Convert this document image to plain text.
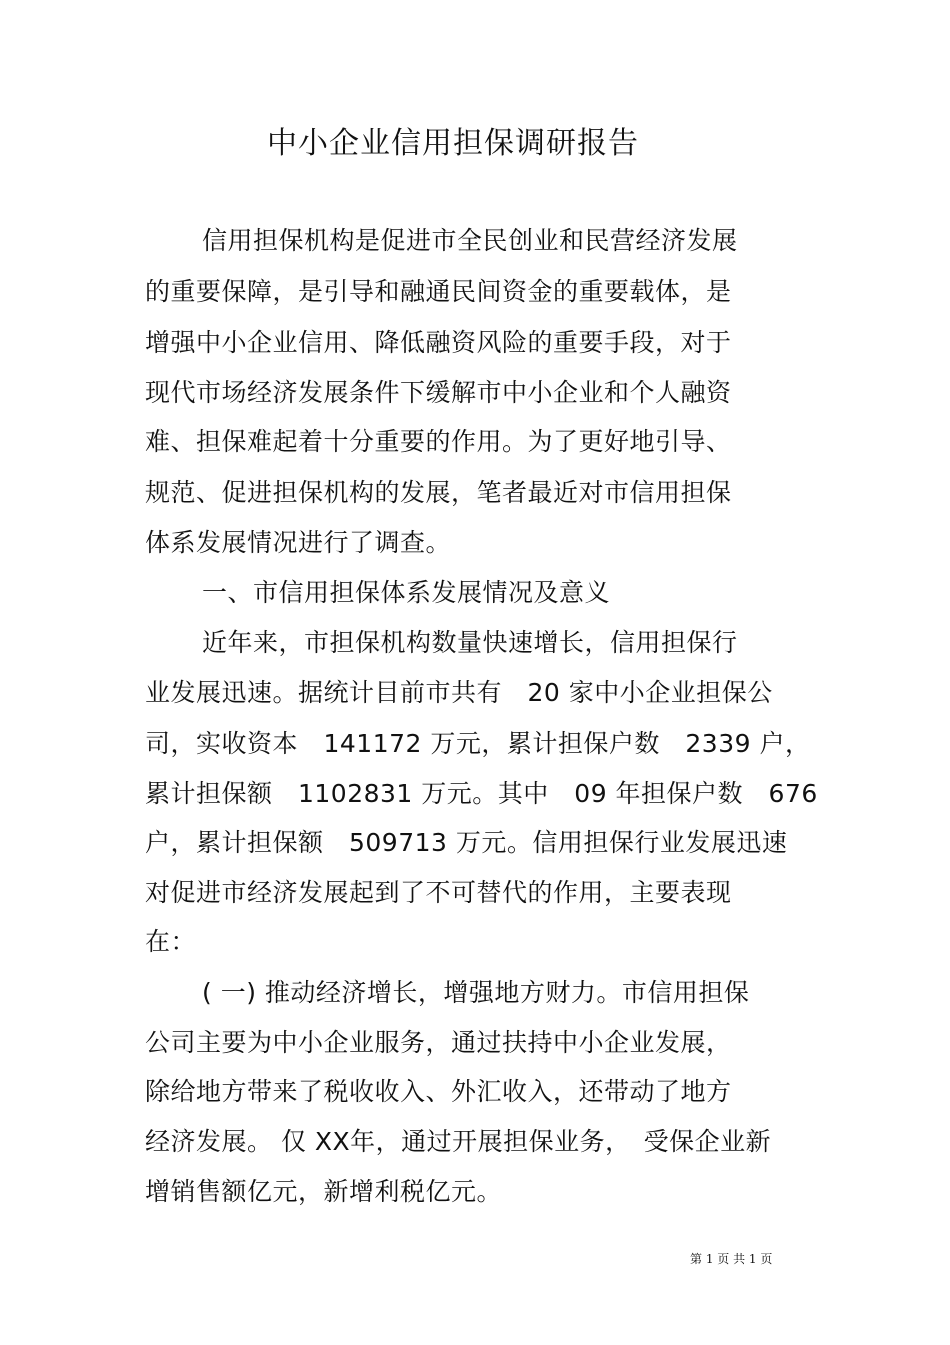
中小企业信用担保调研报告
信用担保机构是促进市全民创业和民营经济发展
的重要保障，是引导和融通民间资金的重要载体，是
增强中小企业信用、降低融资风险的重要手段，对于
现代市场经济发展条件下缓解市中小企业和个人融资
难、担保难起着十分重要的作用。为了更好地引导、
规范、促进担保机构的发展，笔者最近对市信用担保
体系发展情况进行了调查。
一、市信用担保体系发展情况及意义
近年来，市担保机构数量快速增长，信用担保行
业发展迅速。据统计目前市共有　20 家中小企业担保公
司，实收资本　141172 万元，累计担保户数　2339 户，
累计担保额　1102831 万元。其中　09 年担保户数　676
户，累计担保额　509713 万元。信用担保行业发展迅速
对促进市经济发展起到了不可替代的作用，主要表现
在：
( 一) 推动经济增长，增强地方财力。市信用担保
公司主要为中小企业服务，通过扶持中小企业发展，
除给地方带来了税收收入、外汇收入，还带动了地方
经济发展。 仅 XX年，通过开展担保业务，　受保企业新
增销售额亿元，新增利税亿元。
第 1 页 共 1 页
